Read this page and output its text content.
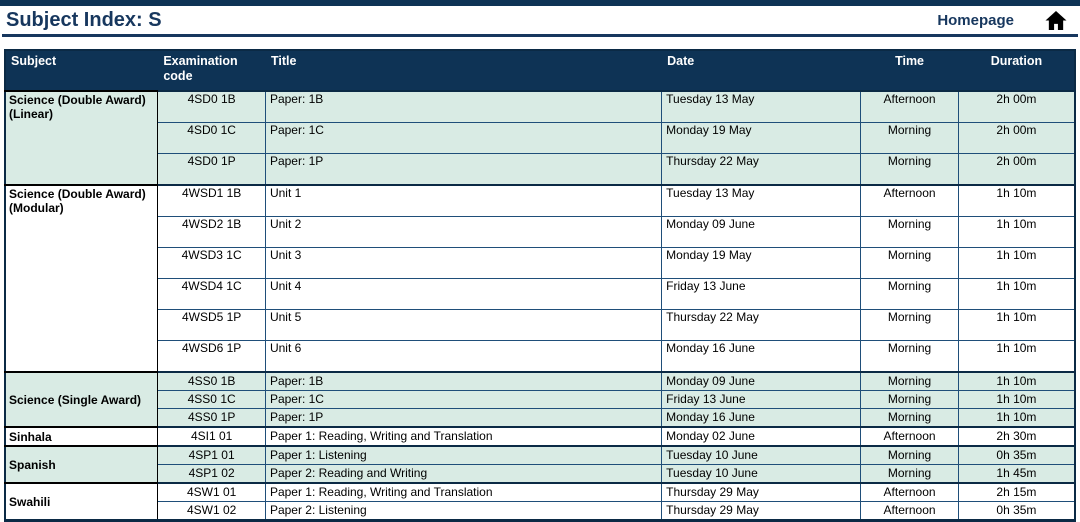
Subject Index: S	Homepage
Subject	Examination code	Title	Date	Time	Duration
Science (Double Award) (Linear)	4SD0 1B	Paper: 1B	Tuesday 13 May	Afternoon	2h 00m
	4SD0 1C	Paper: 1C	Monday 19 May	Morning	2h 00m
	4SD0 1P	Paper: 1P	Thursday 22 May	Morning	2h 00m
Science (Double Award) (Modular)	4WSD1 1B	Unit 1	Tuesday 13 May	Afternoon	1h 10m
	4WSD2 1B	Unit 2	Monday 09 June	Morning	1h 10m
	4WSD3 1C	Unit 3	Monday 19 May	Morning	1h 10m
	4WSD4 1C	Unit 4	Friday 13 June	Morning	1h 10m
	4WSD5 1P	Unit 5	Thursday 22 May	Morning	1h 10m
	4WSD6 1P	Unit 6	Monday 16 June	Morning	1h 10m
Science (Single Award)	4SS0 1B	Paper: 1B	Monday 09 June	Morning	1h 10m
	4SS0 1C	Paper: 1C	Friday 13 June	Morning	1h 10m
	4SS0 1P	Paper: 1P	Monday 16 June	Morning	1h 10m
Sinhala	4SI1 01	Paper 1: Reading, Writing and Translation	Monday 02 June	Afternoon	2h 30m
Spanish	4SP1 01	Paper 1: Listening	Tuesday 10 June	Morning	0h 35m
	4SP1 02	Paper 2: Reading and Writing	Tuesday 10 June	Morning	1h 45m
Swahili	4SW1 01	Paper 1: Reading, Writing and Translation	Thursday 29 May	Afternoon	2h 15m
	4SW1 02	Paper 2: Listening	Thursday 29 May	Afternoon	0h 35m
